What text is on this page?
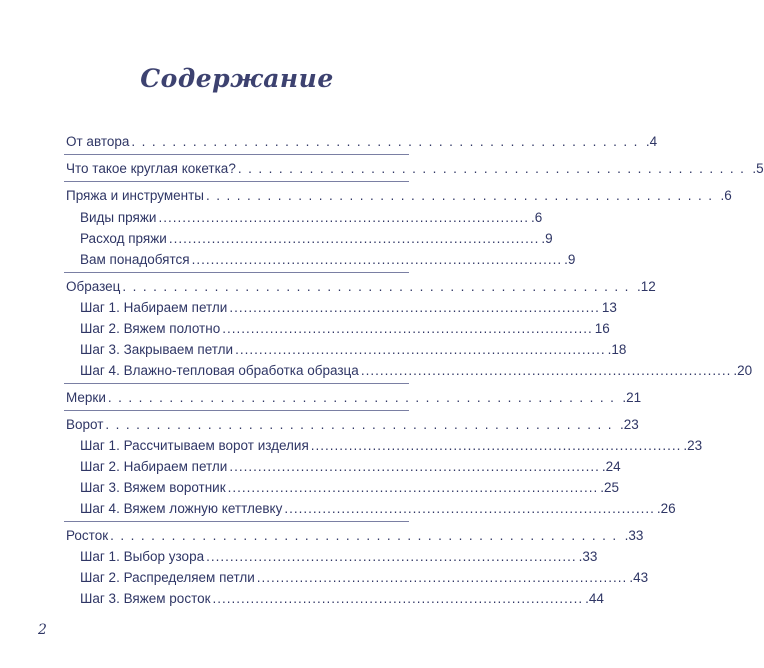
Содержание
От автора .................................................. .4
Что такое круглая кокетка? .................................................. .5
Пряжа и инструменты .................................................. .6
Виды пряжи .............................................................................. .6
Расход пряжи .............................................................................. .9
Вам понадобятся .............................................................................. .9
Образец .................................................. .12
Шаг 1. Набираем петли .............................................................................. 13
Шаг 2. Вяжем полотно .............................................................................. 16
Шаг 3. Закрываем петли .............................................................................. .18
Шаг 4. Влажно-тепловая обработка образца .............................................................................. .20
Мерки .................................................. .21
Ворот .................................................. .23
Шаг 1. Рассчитываем ворот изделия .............................................................................. .23
Шаг 2. Набираем петли .............................................................................. .24
Шаг 3. Вяжем воротник .............................................................................. .25
Шаг 4. Вяжем ложную кеттлевку .............................................................................. .26
Росток .................................................. .33
Шаг 1. Выбор узора .............................................................................. .33
Шаг 2. Распределяем петли .............................................................................. .43
Шаг 3. Вяжем росток .............................................................................. .44
2
